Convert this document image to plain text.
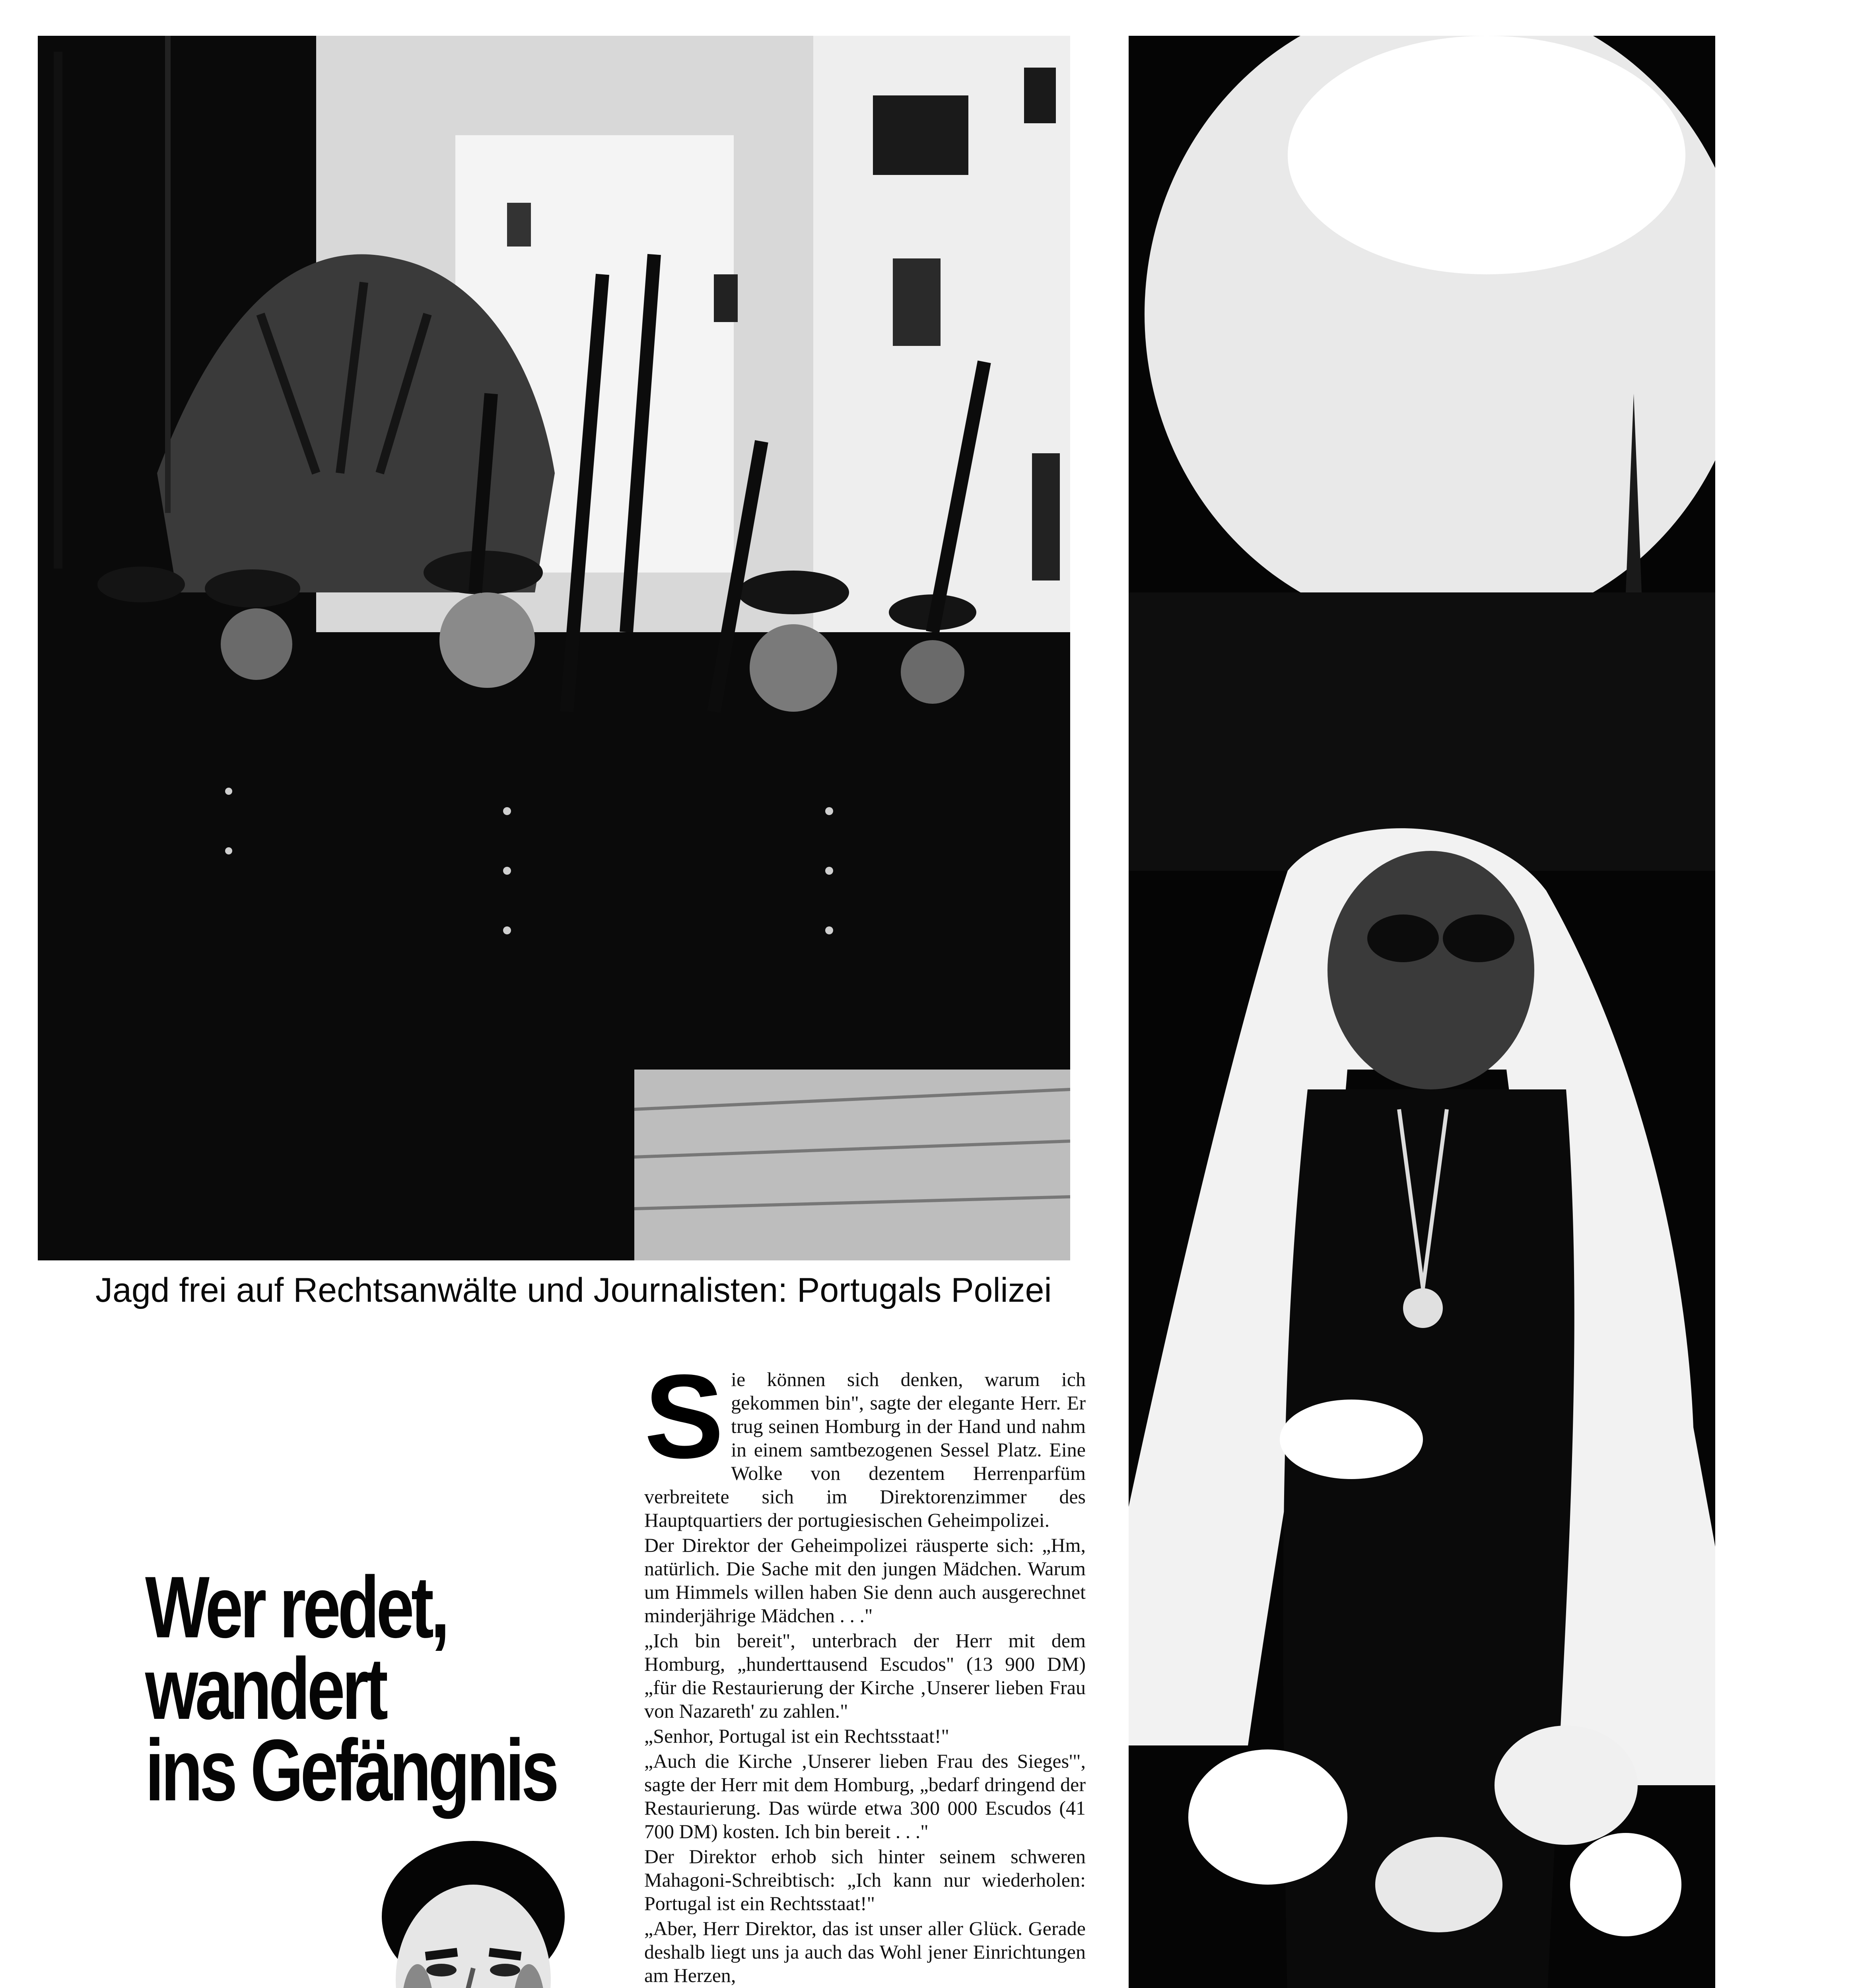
Jagd frei auf Rechtsanwälte und Journalisten: Portugals Polizei
Wer redet,
wandert
ins Gefängnis

Sie können sich denken, warum ich gekommen bin", sagte der elegante Herr. Er trug seinen Homburg in der Hand und nahm in einem samtbezogenen Sessel Platz. Eine Wolke von dezentem Herrenparfüm verbreitete sich im Direktorenzimmer des Hauptquartiers der portugiesischen Geheimpolizei.

Der Direktor der Geheimpolizei räusperte sich: „Hm, natürlich. Die Sache mit den jungen Mädchen. Warum um Himmels willen haben Sie denn auch ausgerechnet minderjährige Mädchen . . ."

„Ich bin bereit", unterbrach der Herr mit dem Homburg, „hunderttausend Escudos" (13 900 DM) „für die Restaurierung der Kirche ‚Unserer lieben Frau von Nazareth' zu zahlen."

„Senhor, Portugal ist ein Rechtsstaat!"

„Auch die Kirche ‚Unserer lieben Frau des Sieges'", sagte der Herr mit dem Homburg, „bedarf dringend der Restaurierung. Das würde etwa 300 000 Escudos (41 700 DM) kosten. Ich bin bereit . . ."

Der Direktor erhob sich hinter seinem schweren Mahagoni-Schreibtisch: „Ich kann nur wiederholen: Portugal ist ein Rechtsstaat!"

„Aber, Herr Direktor, das ist unser aller Glück. Gerade deshalb liegt uns ja auch das Wohl jener Einrichtungen am Herzen,
